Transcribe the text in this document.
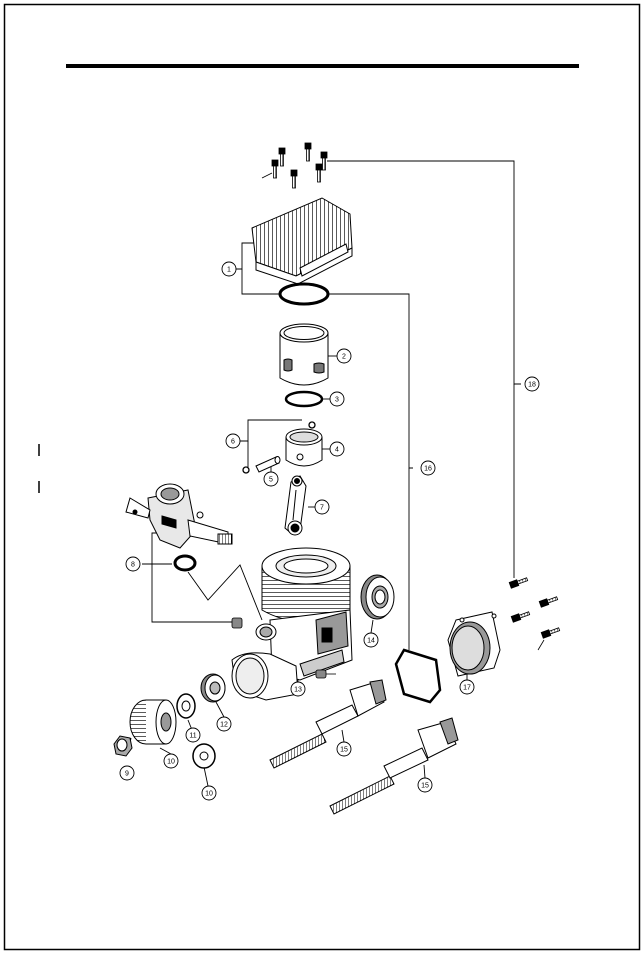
1
2
3
4
5
6
7
8
9
10
10
11
12
13
14
15
15
16
17
18
